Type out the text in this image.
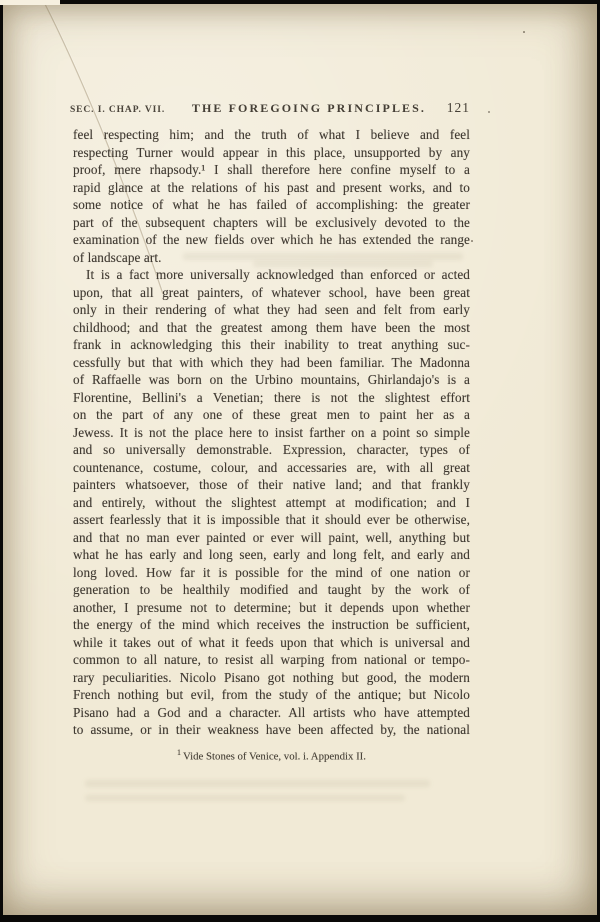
SEC. I. CHAP. VII.	THE FOREGOING PRINCIPLES.	121
feel respecting him; and the truth of what I believe and feel
respecting Turner would appear in this place, unsupported by any
proof, mere rhapsody.¹ I shall therefore here confine myself to a
rapid glance at the relations of his past and present works, and to
some notice of what he has failed of accomplishing: the greater
part of the subsequent chapters will be exclusively devoted to the
examination of the new fields over which he has extended the range
of landscape art.
It is a fact more universally acknowledged than enforced or acted
upon, that all great painters, of whatever school, have been great
only in their rendering of what they had seen and felt from early
childhood; and that the greatest among them have been the most
frank in acknowledging this their inability to treat anything suc-
cessfully but that with which they had been familiar. The Madonna
of Raffaelle was born on the Urbino mountains, Ghirlandajo's is a
Florentine, Bellini's a Venetian; there is not the slightest effort
on the part of any one of these great men to paint her as a
Jewess. It is not the place here to insist farther on a point so simple
and so universally demonstrable. Expression, character, types of
countenance, costume, colour, and accessaries are, with all great
painters whatsoever, those of their native land; and that frankly
and entirely, without the slightest attempt at modification; and I
assert fearlessly that it is impossible that it should ever be otherwise,
and that no man ever painted or ever will paint, well, anything but
what he has early and long seen, early and long felt, and early and
long loved. How far it is possible for the mind of one nation or
generation to be healthily modified and taught by the work of
another, I presume not to determine; but it depends upon whether
the energy of the mind which receives the instruction be sufficient,
while it takes out of what it feeds upon that which is universal and
common to all nature, to resist all warping from national or tempo-
rary peculiarities. Nicolo Pisano got nothing but good, the modern
French nothing but evil, from the study of the antique; but Nicolo
Pisano had a God and a character. All artists who have attempted
to assume, or in their weakness have been affected by, the national
$^1$ Vide Stones of Venice, vol. i. Appendix II.
